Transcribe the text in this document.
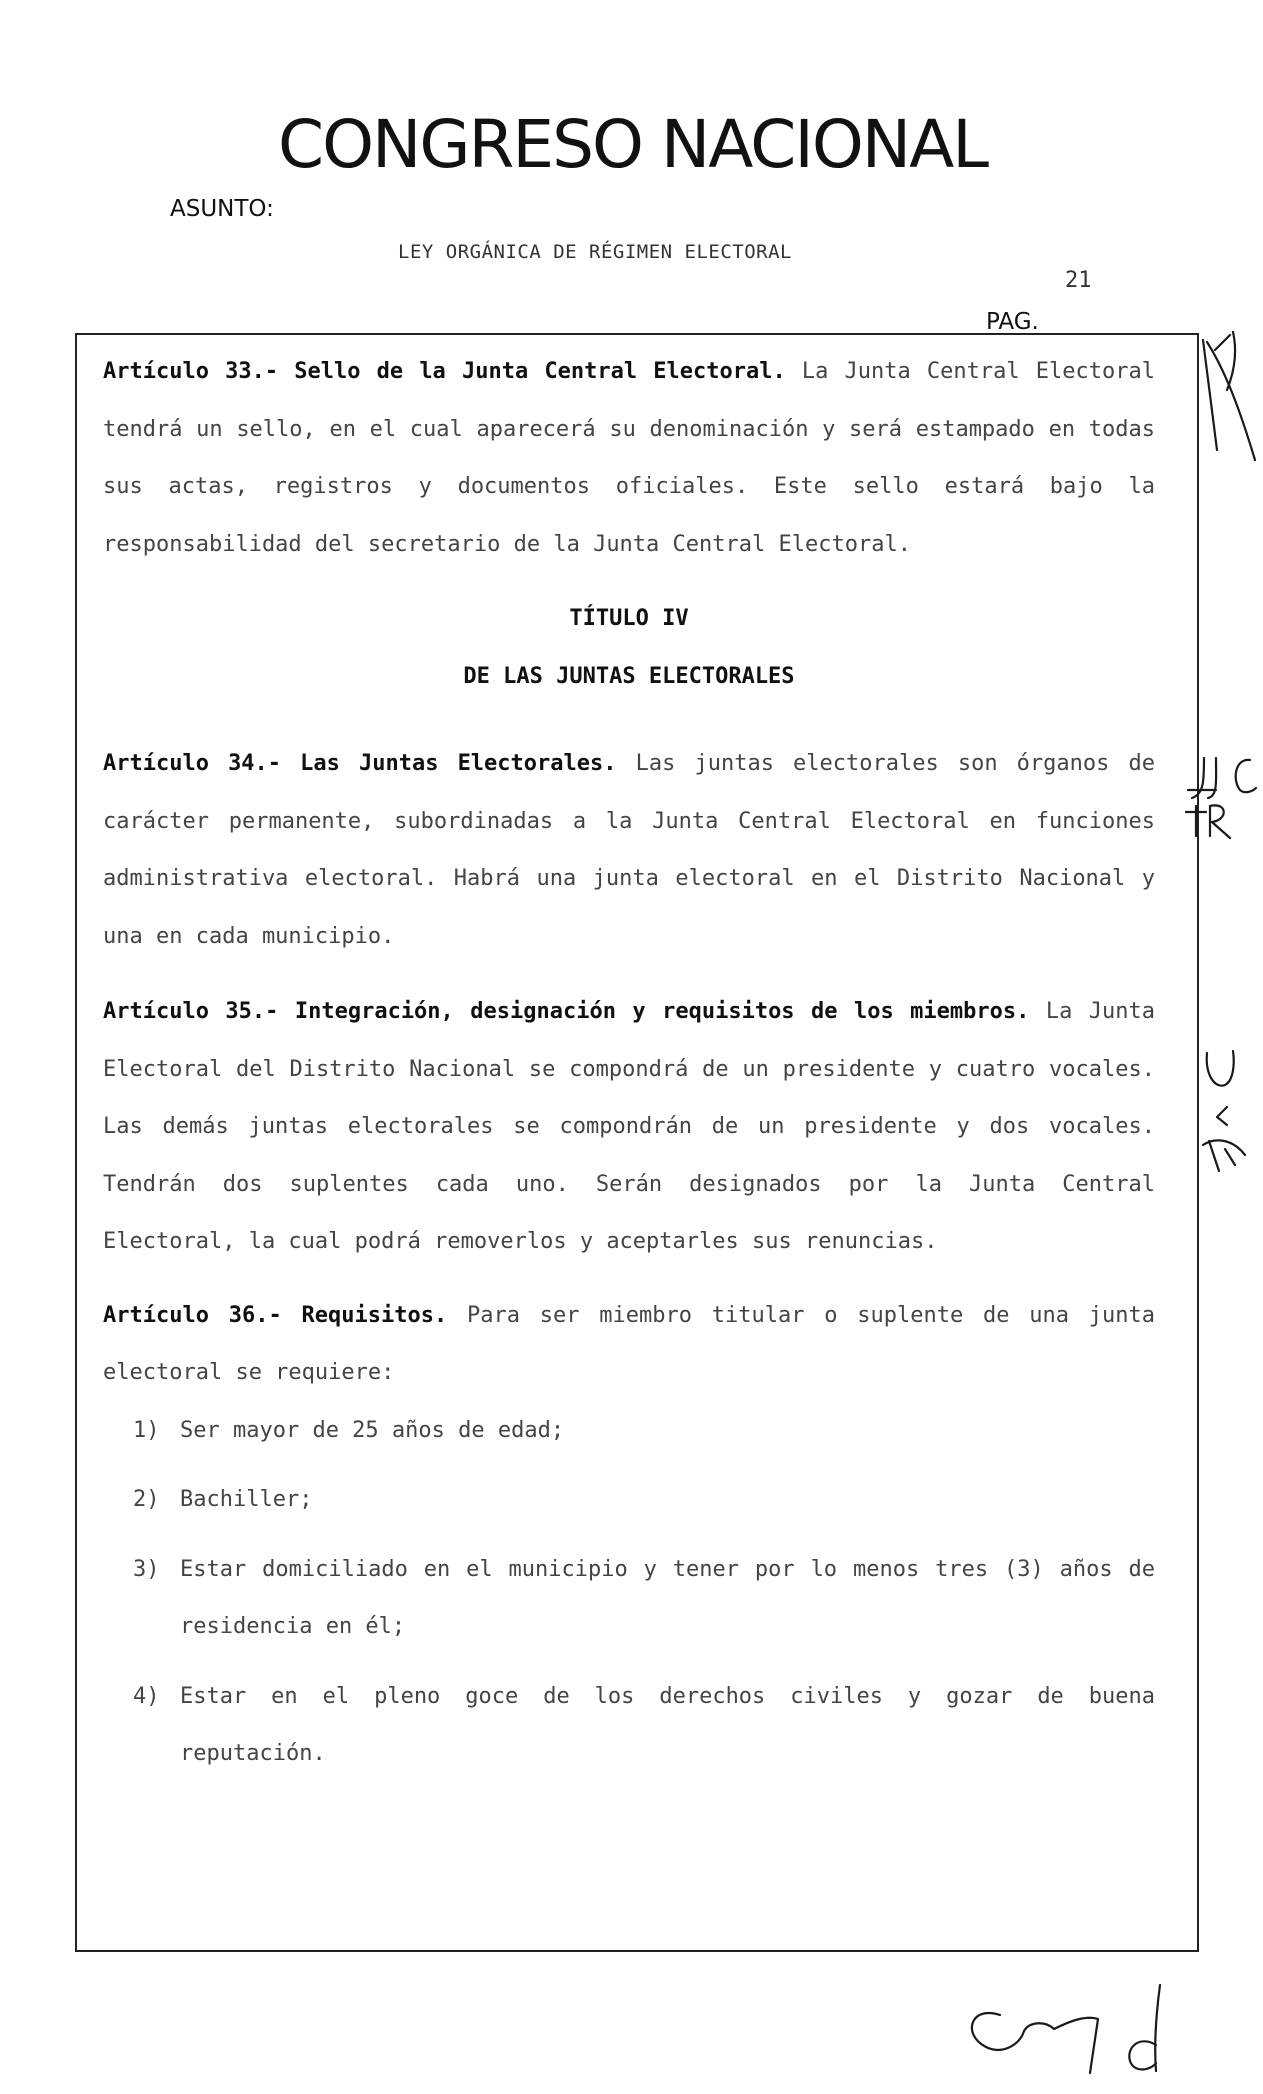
CONGRESO NACIONAL
ASUNTO:
LEY ORGÁNICA DE RÉGIMEN ELECTORAL
21
PAG.

Artículo 33.- Sello de la Junta Central Electoral. La Junta Central Electoral tendrá un sello, en el cual aparecerá su denominación y será estampado en todas sus actas, registros y documentos oficiales. Este sello estará bajo la responsabilidad del secretario de la Junta Central Electoral.

TÍTULO IV

DE LAS JUNTAS ELECTORALES

Artículo 34.- Las Juntas Electorales. Las juntas electorales son órganos de carácter permanente, subordinadas a la Junta Central Electoral en funciones administrativa electoral. Habrá una junta electoral en el Distrito Nacional y una en cada municipio.

Artículo 35.- Integración, designación y requisitos de los miembros. La Junta Electoral del Distrito Nacional se compondrá de un presidente y cuatro vocales. Las demás juntas electorales se compondrán de un presidente y dos vocales. Tendrán dos suplentes cada uno. Serán designados por la Junta Central Electoral, la cual podrá removerlos y aceptarles sus renuncias.

Artículo 36.- Requisitos. Para ser miembro titular o suplente de una junta electoral se requiere:

1) Ser mayor de 25 años de edad;

2) Bachiller;

3) Estar domiciliado en el municipio y tener por lo menos tres (3) años de residencia en él;

4) Estar en el pleno goce de los derechos civiles y gozar de buena reputación.
